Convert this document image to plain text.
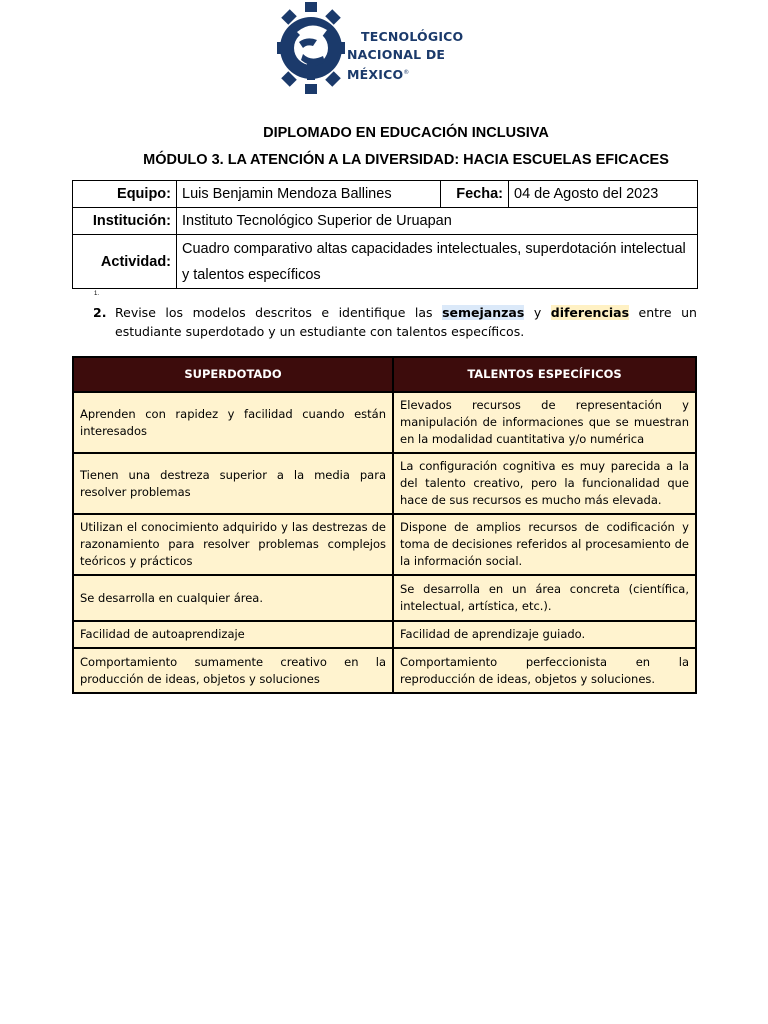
TECNOLÓGICO
NACIONAL DE MÉXICO®
DIPLOMADO EN EDUCACIÓN INCLUSIVA
MÓDULO 3. LA ATENCIÓN A LA DIVERSIDAD: HACIA ESCUELAS EFICACES
Equipo:	Luis Benjamin Mendoza Ballines	Fecha:	04 de Agosto del 2023
Institución:	Instituto Tecnológico Superior de Uruapan		
Actividad:	Cuadro comparativo altas capacidades intelectuales, superdotación intelectual y talentos específicos		
1.
2. Revise los modelos descritos e identifique las semejanzas y diferencias entre un estudiante superdotado y un estudiante con talentos específicos.
SUPERDOTADO	TALENTOS ESPECÍFICOS
Aprenden con rapidez y facilidad cuando están interesados	Elevados recursos de representación y manipulación de informaciones que se muestran en la modalidad cuantitativa y/o numérica
Tienen una destreza superior a la media para resolver problemas	La configuración cognitiva es muy parecida a la del talento creativo, pero la funcionalidad que hace de sus recursos es mucho más elevada.
Utilizan el conocimiento adquirido y las destrezas de razonamiento para resolver problemas complejos teóricos y prácticos	Dispone de amplios recursos de codificación y toma de decisiones referidos al procesamiento de la información social.
Se desarrolla en cualquier área.	Se desarrolla en un área concreta (científica, intelectual, artística, etc.).
Facilidad de autoaprendizaje	Facilidad de aprendizaje guiado.
Comportamiento sumamente creativo en la producción de ideas, objetos y soluciones	Comportamiento perfeccionista en la reproducción de ideas, objetos y soluciones.
